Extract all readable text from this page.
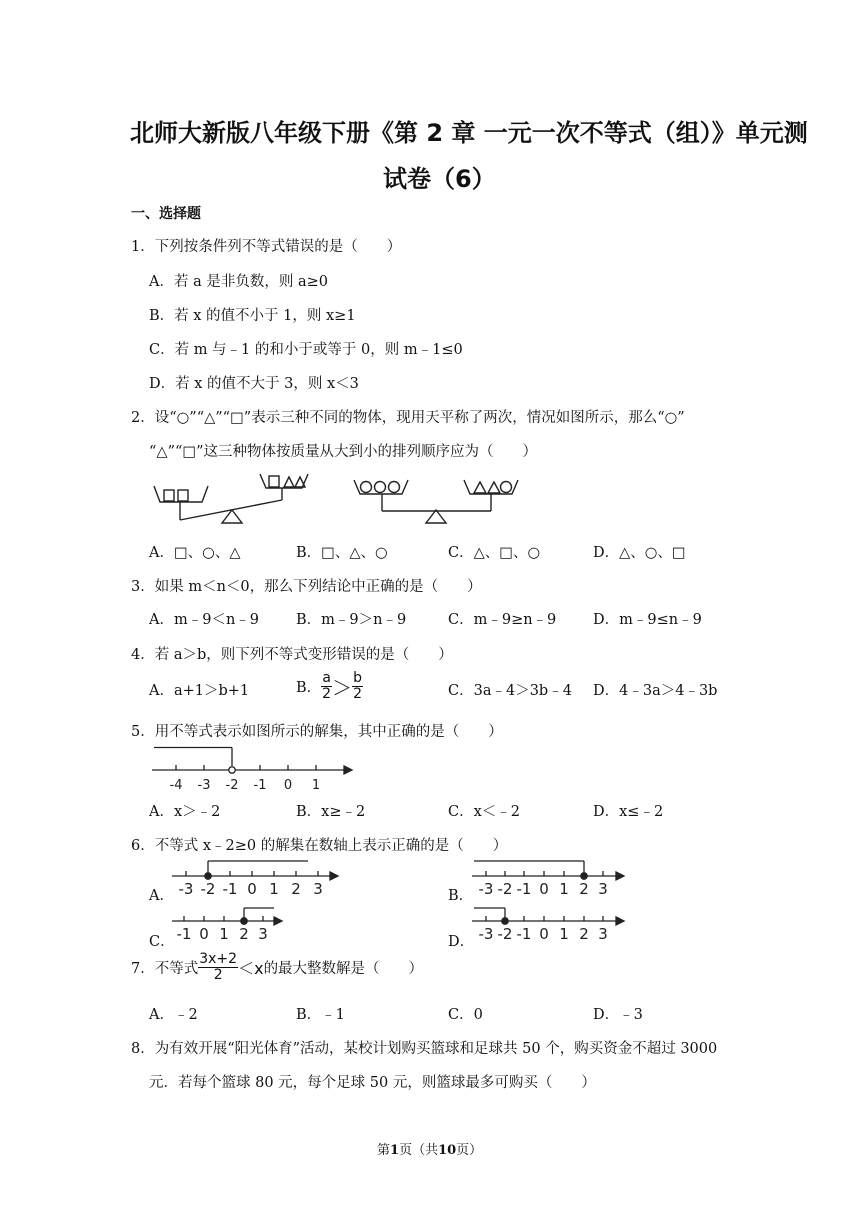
北师大新版八年级下册《第 2 章 一元一次不等式（组）》单元测
试卷（6）
一、选择题
1．下列按条件列不等式错误的是（　　）
A．若 a 是非负数，则 a≥0
B．若 x 的值不小于 1，则 x≥1
C．若 m 与﹣1 的和小于或等于 0，则 m﹣1≤0
D．若 x 的值不大于 3，则 x＜3
2．设“○”“△”“□”表示三种不同的物体，现用天平称了两次，情况如图所示，那么“○”
“△”“□”这三种物体按质量从大到小的排列顺序应为（　　）
A．□、○、△	B．□、△、○	C．△、□、○	D．△、○、□
3．如果 m＜n＜0，那么下列结论中正确的是（　　）
A．m﹣9＜n﹣9	B．m﹣9＞n﹣9	C．m﹣9≥n﹣9	D．m﹣9≤n﹣9
4．若 a＞b，则下列不等式变形错误的是（　　）
A．a+1＞b+1	B． $\frac{a}{2} > \frac{b}{2}$	C．3a﹣4＞3b﹣4 D．4﹣3a＞4﹣3b
5．用不等式表示如图所示的解集，其中正确的是（　　）
-4 -3 -2 -1 0 1
A．x＞﹣2	B．x≥﹣2	C．x＜﹣2	D．x≤﹣2
6．不等式 x﹣2≥0 的解集在数轴上表示正确的是（　　）
A． -3 -2 -1 0 1 2 3	B． -3 -2 -1 0 1 2 3
C． -1 0 1 2 3	D． -3 -2 -1 0 1 2 3
7．不等式 $\frac{3x+2}{2} <x$的最大整数解是（　　）
A．﹣2	B．﹣1	C．0	D．﹣3
8．为有效开展“阳光体育”活动，某校计划购买篮球和足球共 50 个，购买资金不超过 3000
元．若每个篮球 80 元，每个足球 50 元，则篮球最多可购买（　　）
第1页（共10页）
